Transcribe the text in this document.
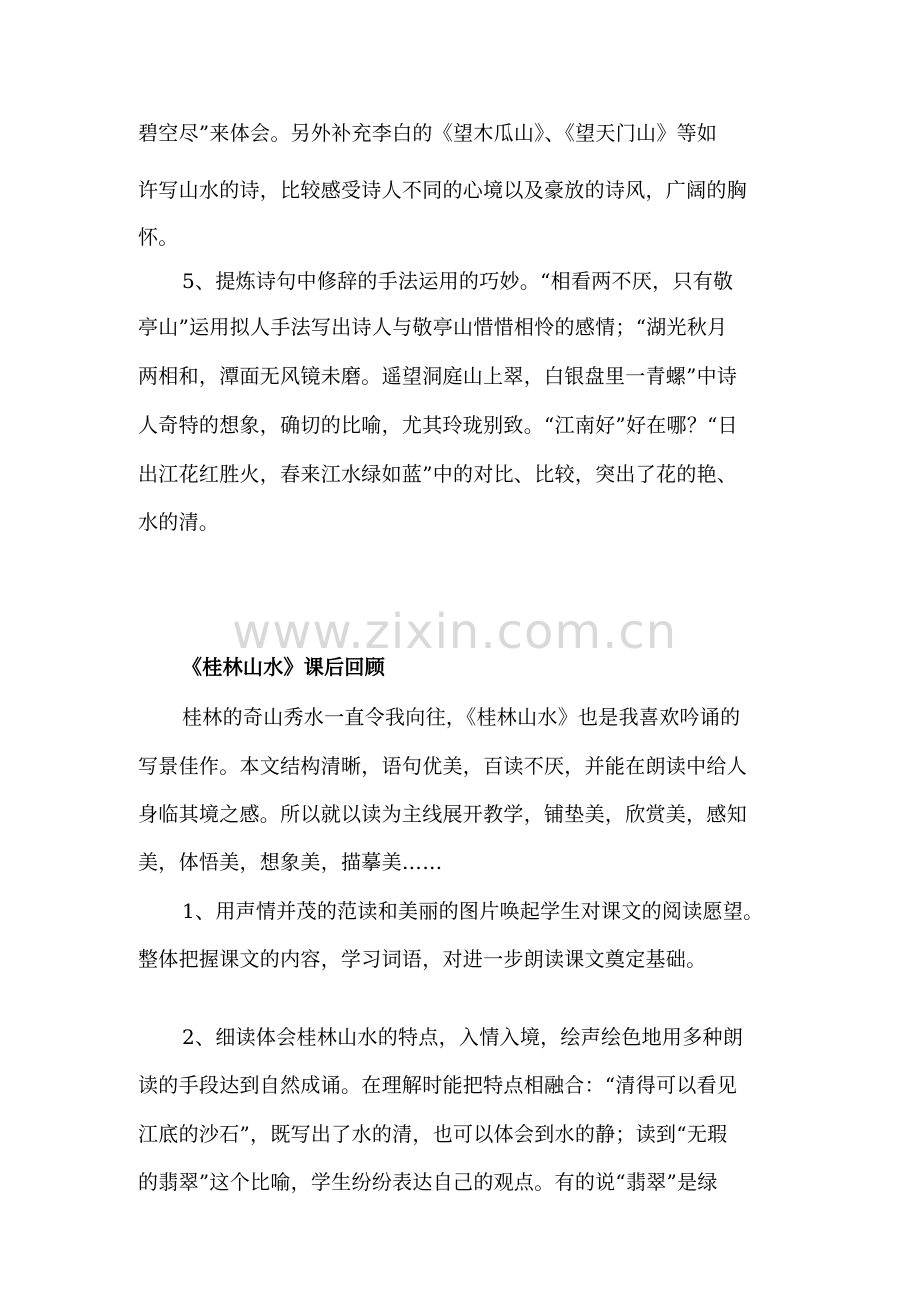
www.zixin.com.cn
碧空尽”来体会。另外补充李白的《望木瓜山》、《望天门山》等如
许写山水的诗，比较感受诗人不同的心境以及豪放的诗风，广阔的胸
怀。
5、提炼诗句中修辞的手法运用的巧妙。“相看两不厌，只有敬
亭山”运用拟人手法写出诗人与敬亭山惜惜相怜的感情；“湖光秋月
两相和，潭面无风镜未磨。遥望洞庭山上翠，白银盘里一青螺”中诗
人奇特的想象，确切的比喻，尤其玲珑别致。“江南好”好在哪？“日
出江花红胜火，春来江水绿如蓝”中的对比、比较，突出了花的艳、
水的清。
《桂林山水》课后回顾
桂林的奇山秀水一直令我向往，《桂林山水》也是我喜欢吟诵的
写景佳作。本文结构清晰，语句优美，百读不厌，并能在朗读中给人
身临其境之感。所以就以读为主线展开教学，铺垫美，欣赏美，感知
美，体悟美，想象美，描摹美……
1、用声情并茂的范读和美丽的图片唤起学生对课文的阅读愿望。
整体把握课文的内容，学习词语，对进一步朗读课文奠定基础。
2、细读体会桂林山水的特点，入情入境，绘声绘色地用多种朗
读的手段达到自然成诵。在理解时能把特点相融合：“清得可以看见
江底的沙石”，既写出了水的清，也可以体会到水的静；读到“无瑕
的翡翠”这个比喻，学生纷纷表达自己的观点。有的说“翡翠”是绿
